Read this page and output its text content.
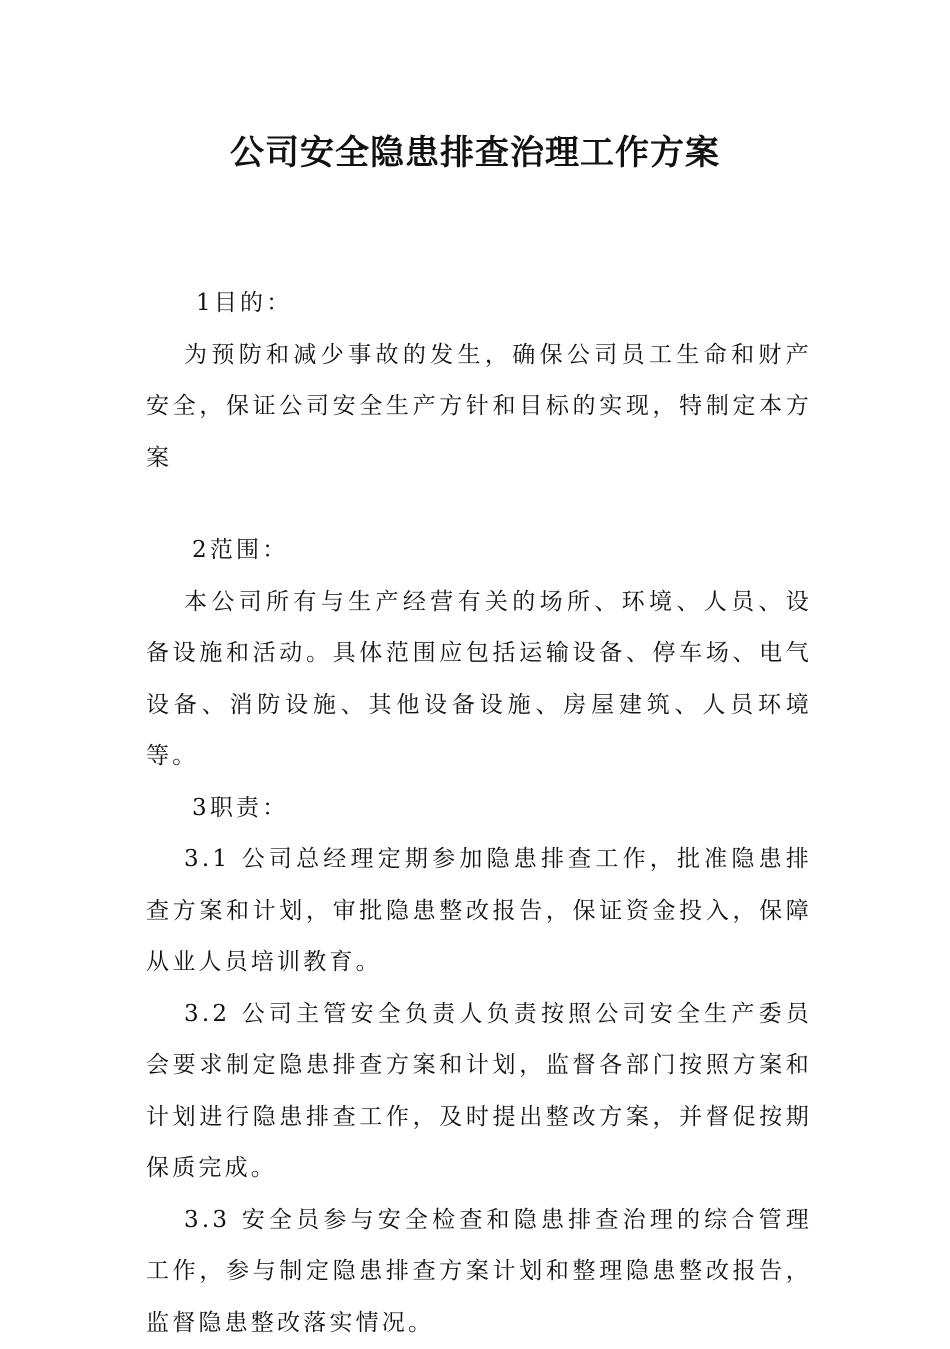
公司安全隐患排查治理工作方案

1目的：

为预防和减少事故的发生，确保公司员工生命和财产安全，保证公司安全生产方针和目标的实现，特制定本方案

2范围：

本公司所有与生产经营有关的场所、环境、人员、设备设施和活动。具体范围应包括运输设备、停车场、电气设备、消防设施、其他设备设施、房屋建筑、人员环境等。

3职责：

3.1 公司总经理定期参加隐患排查工作，批准隐患排查方案和计划，审批隐患整改报告，保证资金投入，保障从业人员培训教育。

3.2 公司主管安全负责人负责按照公司安全生产委员会要求制定隐患排查方案和计划，监督各部门按照方案和计划进行隐患排查工作，及时提出整改方案，并督促按期保质完成。

3.3 安全员参与安全检查和隐患排查治理的综合管理工作，参与制定隐患排查方案计划和整理隐患整改报告，监督隐患整改落实情况。
